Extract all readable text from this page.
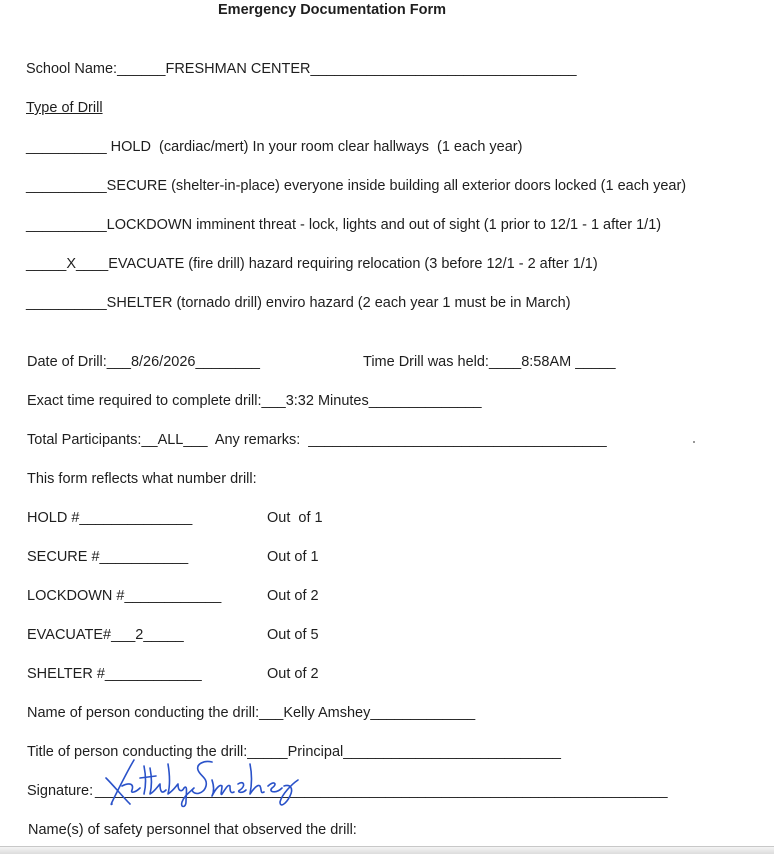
Emergency Documentation Form
School Name:______FRESHMAN CENTER_________________________________
Type of Drill
__________ HOLD  (cardiac/mert) In your room clear hallways  (1 each year)
__________SECURE (shelter-in-place) everyone inside building all exterior doors locked (1 each year)
__________LOCKDOWN imminent threat - lock, lights and out of sight (1 prior to 12/1 - 1 after 1/1)
_____X____EVACUATE (fire drill) hazard requiring relocation (3 before 12/1 - 2 after 1/1)
__________SHELTER (tornado drill) enviro hazard (2 each year 1 must be in March)
Date of Drill:___8/26/2026________	Time Drill was held:____8:58AM _____
Exact time required to complete drill:___3:32 Minutes______________
Total Participants:__ALL___  Any remarks:  _____________________________________
This form reflects what number drill:
HOLD #______________	Out  of 1
SECURE #___________	Out of 1
LOCKDOWN #____________	Out of 2
EVACUATE#___2_____	Out of 5
SHELTER #____________	Out of 2
Name of person conducting the drill:___Kelly Amshey_____________
Title of person conducting the drill:_____Principal___________________________
Signature: _______________________________________________________________________
Name(s) of safety personnel that observed the drill:
